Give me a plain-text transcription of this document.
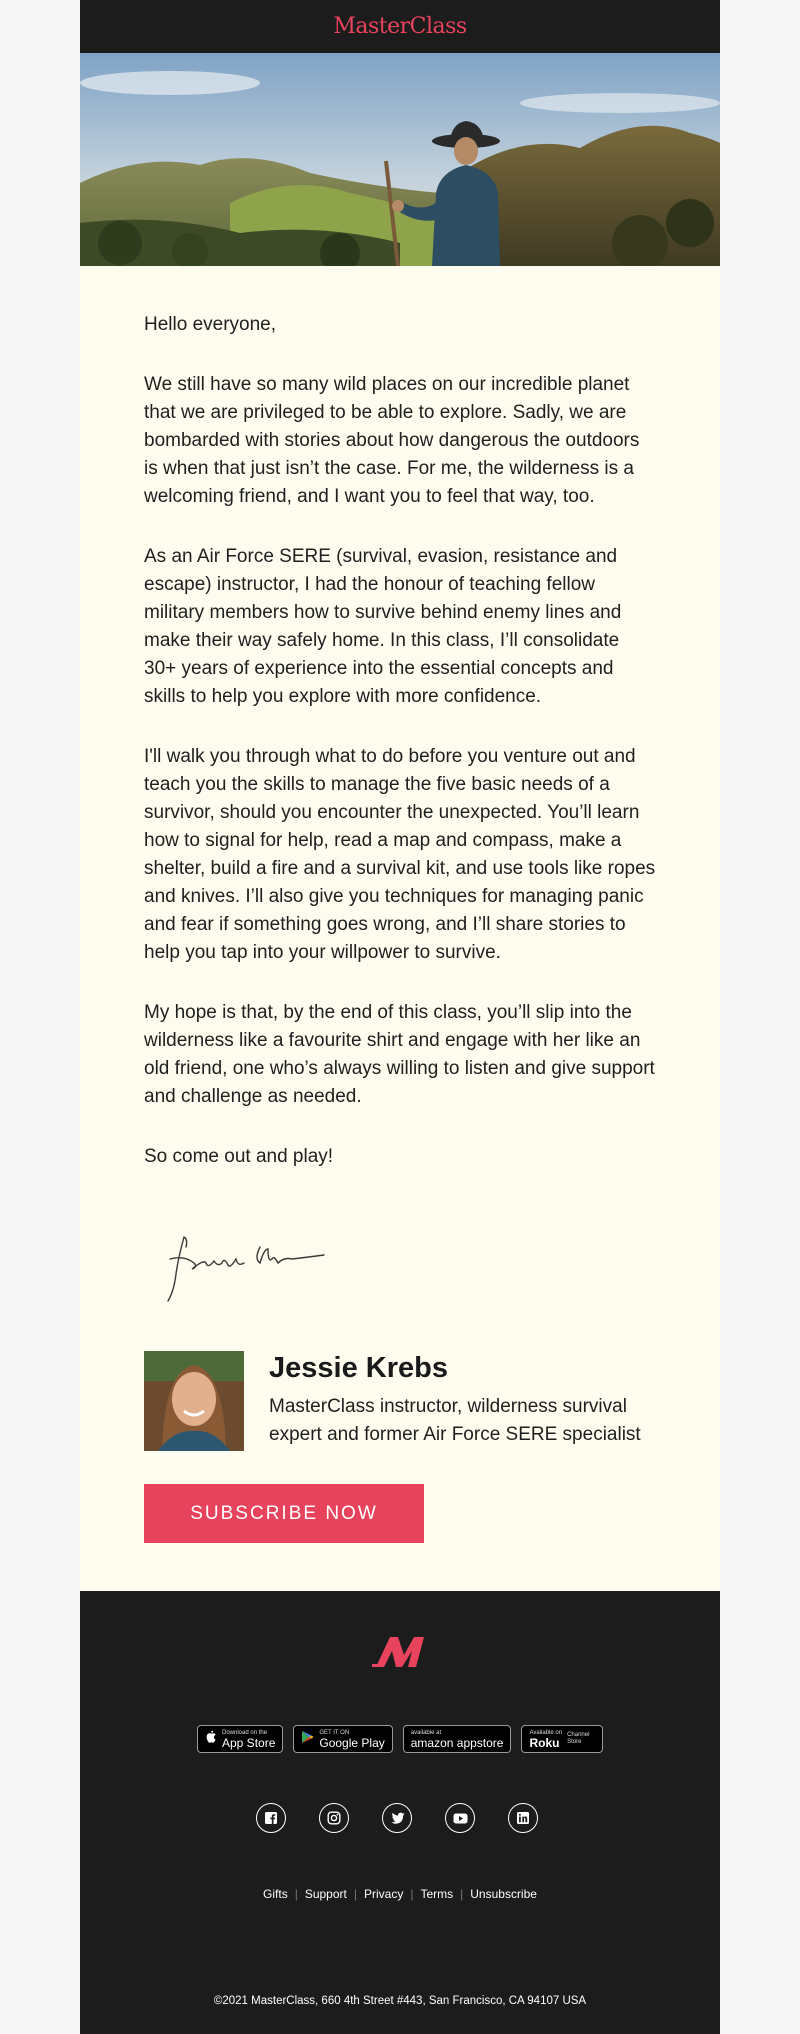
MasterClass

Hello everyone,

We still have so many wild places on our incredible planet that we are privileged to be able to explore. Sadly, we are bombarded with stories about how dangerous the outdoors is when that just isn’t the case. For me, the wilderness is a welcoming friend, and I want you to feel that way, too.

As an Air Force SERE (survival, evasion, resistance and escape) instructor, I had the honour of teaching fellow military members how to survive behind enemy lines and make their way safely home. In this class, I’ll consolidate 30+ years of experience into the essential concepts and skills to help you explore with more confidence.

I'll walk you through what to do before you venture out and teach you the skills to manage the five basic needs of a survivor, should you encounter the unexpected. You’ll learn how to signal for help, read a map and compass, make a shelter, build a fire and a survival kit, and use tools like ropes and knives. I’ll also give you techniques for managing panic and fear if something goes wrong, and I’ll share stories to help you tap into your willpower to survive.

My hope is that, by the end of this class, you’ll slip into the wilderness like a favourite shirt and engage with her like an old friend, one who’s always willing to listen and give support and challenge as needed.

So come out and play!

Jessie Krebs
MasterClass instructor, wilderness survival expert and former Air Force SERE specialist
SUBSCRIBE NOW
Download on the
App Store
GET IT ON
Google Play
available at
amazon appstore
Available on
Roku
Channel Store
Gifts | Support | Privacy | Terms | Unsubscribe
©2021 MasterClass, 660 4th Street #443, San Francisco, CA 94107 USA
